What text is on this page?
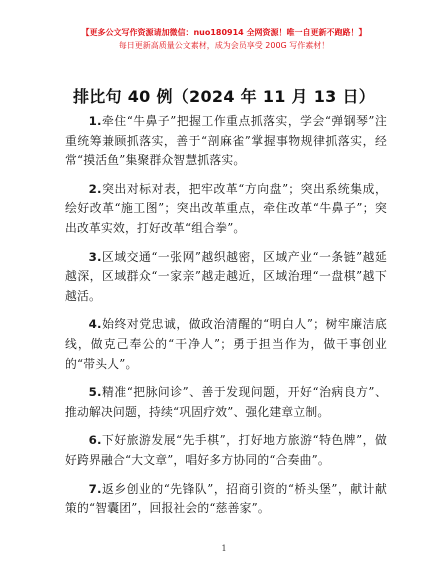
【更多公文写作资源请加微信：nuo180914 全网资源！唯一自更新不跑路！】
每日更新高质量公文素材，成为会员享受 200G 写作素材！
排比句 40 例（2024 年 11 月 13 日）

1.牵住“牛鼻子”把握工作重点抓落实，学会“弹钢琴”注重统筹兼顾抓落实，善于“剖麻雀”掌握事物规律抓落实，经常“摸活鱼”集聚群众智慧抓落实。

2.突出对标对表，把牢改革“方向盘”；突出系统集成，绘好改革“施工图”；突出改革重点，牵住改革“牛鼻子”；突出改革实效，打好改革“组合拳”。

3.区域交通“一张网”越织越密，区域产业“一条链”越延越深，区域群众“一家亲”越走越近，区域治理“一盘棋”越下越活。

4.始终对党忠诚，做政治清醒的“明白人”；树牢廉洁底线，做克己奉公的“干净人”；勇于担当作为，做干事创业的“带头人”。

5.精准“把脉问诊”、善于发现问题，开好“治病良方”、推动解决问题，持续“巩固疗效”、强化建章立制。

6.下好旅游发展“先手棋”，打好地方旅游“特色牌”，做好跨界融合“大文章”，唱好多方协同的“合奏曲”。

7.返乡创业的“先锋队”，招商引资的“桥头堡”，献计献策的“智囊团”，回报社会的“慈善家”。

1
